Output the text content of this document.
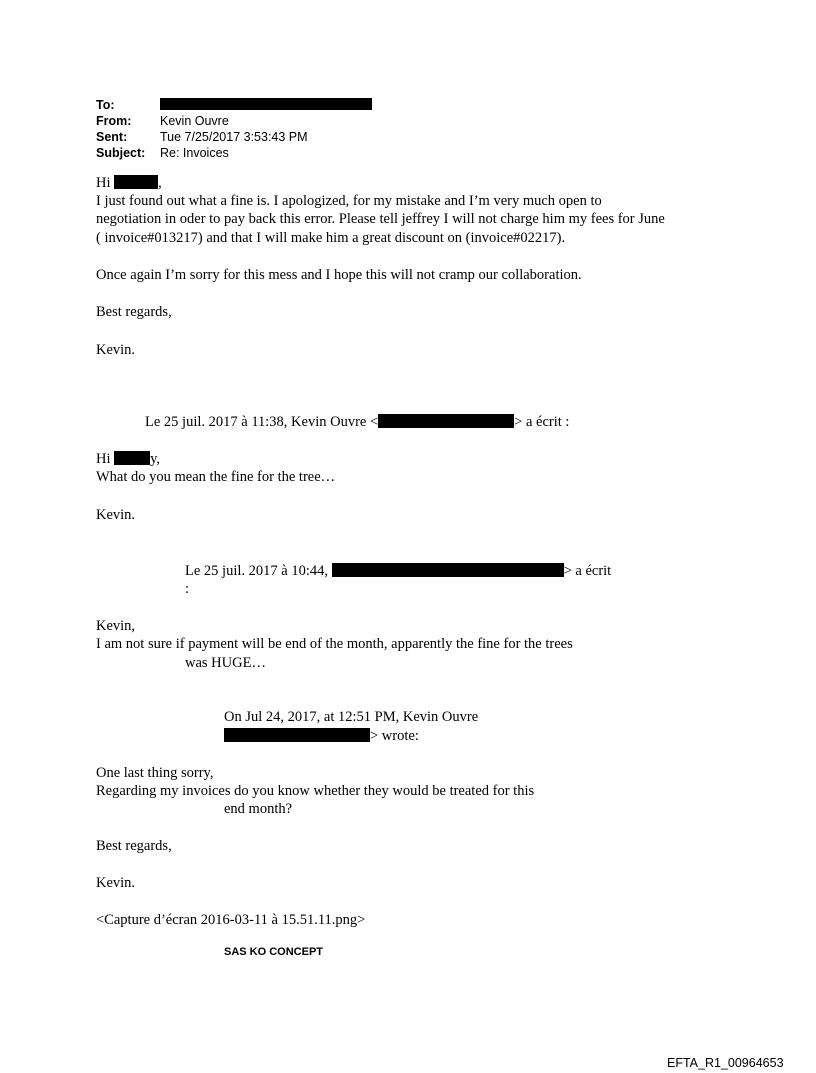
To:
From: Kevin Ouvre
Sent:	Tue 7/25/2017 3:53:43 PM
Subject: Re: Invoices
Hi	,
I just found out what a fine is. I apologized, for my mistake and I’m very much open to
negotiation in oder to pay back this error. Please tell jeffrey I will not charge him my fees for June
( invoice#013217) and that I will make him a great discount on (invoice#02217).
Once again I’m sorry for this mess and I hope this will not cramp our collaboration.
Best regards,
Kevin.
Le 25 juil. 2017 à 11:38, Kevin Ouvre <	> a écrit :
Hi y,
What do you mean the fine for the tree…
Kevin.
Le 25 juil. 2017 à 10:44,	> a écrit
:
Kevin,
I am not sure if payment will be end of the month, apparently the fine for the trees
was HUGE…
On Jul 24, 2017, at 12:51 PM, Kevin Ouvre
> wrote:
One last thing sorry,
Regarding my invoices do you know whether they would be treated for this
end month?
Best regards,
Kevin.
<Capture d’écran 2016-03-11 à 15.51.11.png>
SAS KO CONCEPT
EFTA_R1_00964653
